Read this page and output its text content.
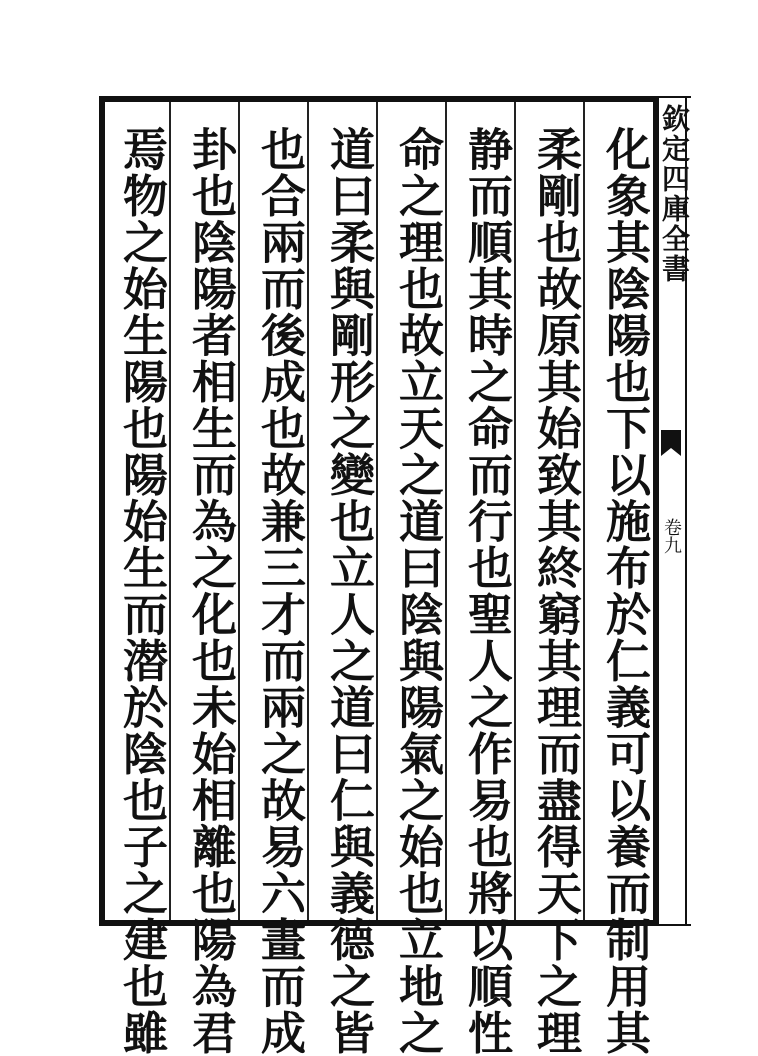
化象其陰陽也下以施布於仁義可以養而制用其
柔剛也故原其始致其終窮其理而盡得天下之理
静而順其時之命而行也聖人之作易也將以順性
命之理也故立天之道曰陰與陽氣之始也立地之
道曰柔與剛形之變也立人之道曰仁與義德之皆
也合兩而後成也故兼三才而兩之故易六畫而成
卦也陰陽者相生而為之化也未始相離也陽為君
焉物之始生陽也陽始生而潜於陰也子之建也雖	欽定四庫全書
卷九
